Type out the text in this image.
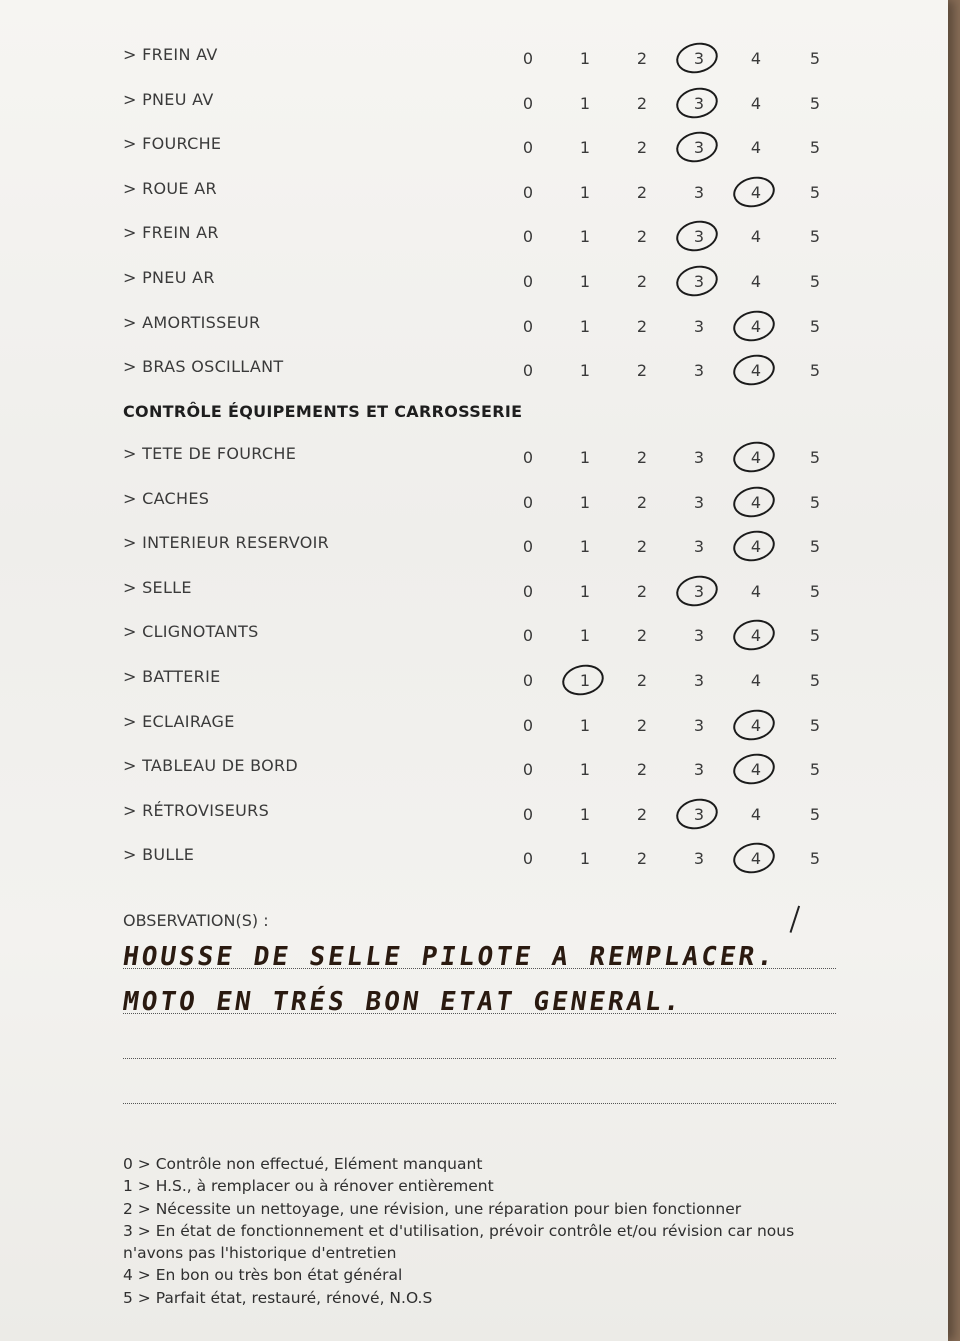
> FREIN AV	0	1	2	3	4	5
> PNEU AV	0	1	2	3	4	5
> FOURCHE	0	1	2	3	4	5
> ROUE AR	0	1	2	3	4	5
> FREIN AR	0	1	2	3	4	5
> PNEU AR	0	1	2	3	4	5
> AMORTISSEUR	0	1	2	3	4	5
> BRAS OSCILLANT	0	1	2	3	4	5
> TETE DE FOURCHE	0	1	2	3	4	5
> CACHES	0	1	2	3	4	5
> INTERIEUR RESERVOIR	0	1	2	3	4	5
> SELLE	0	1	2	3	4	5
> CLIGNOTANTS	0	1	2	3	4	5
> BATTERIE	0	1	2	3	4	5
> ECLAIRAGE	0	1	2	3	4	5
> TABLEAU DE BORD	0	1	2	3	4	5
> RÉTROVISEURS	0	1	2	3	4	5
> BULLE	0	1	2	3	4	5
CONTRÔLE ÉQUIPEMENTS ET CARROSSERIE
OBSERVATION(S) :
HOUSSE DE SELLE PILOTE A REMPLACER.
MOTO EN TRÉS BON ETAT GENERAL.
0 > Contrôle non effectué, Elément manquant
1 > H.S., à remplacer ou à rénover entièrement
2 > Nécessite un nettoyage, une révision, une réparation pour bien fonctionner
3 > En état de fonctionnement et d'utilisation, prévoir contrôle et/ou révision car nous
n'avons pas l'historique d'entretien
4 > En bon ou très bon état général
5 > Parfait état, restauré, rénové, N.O.S
